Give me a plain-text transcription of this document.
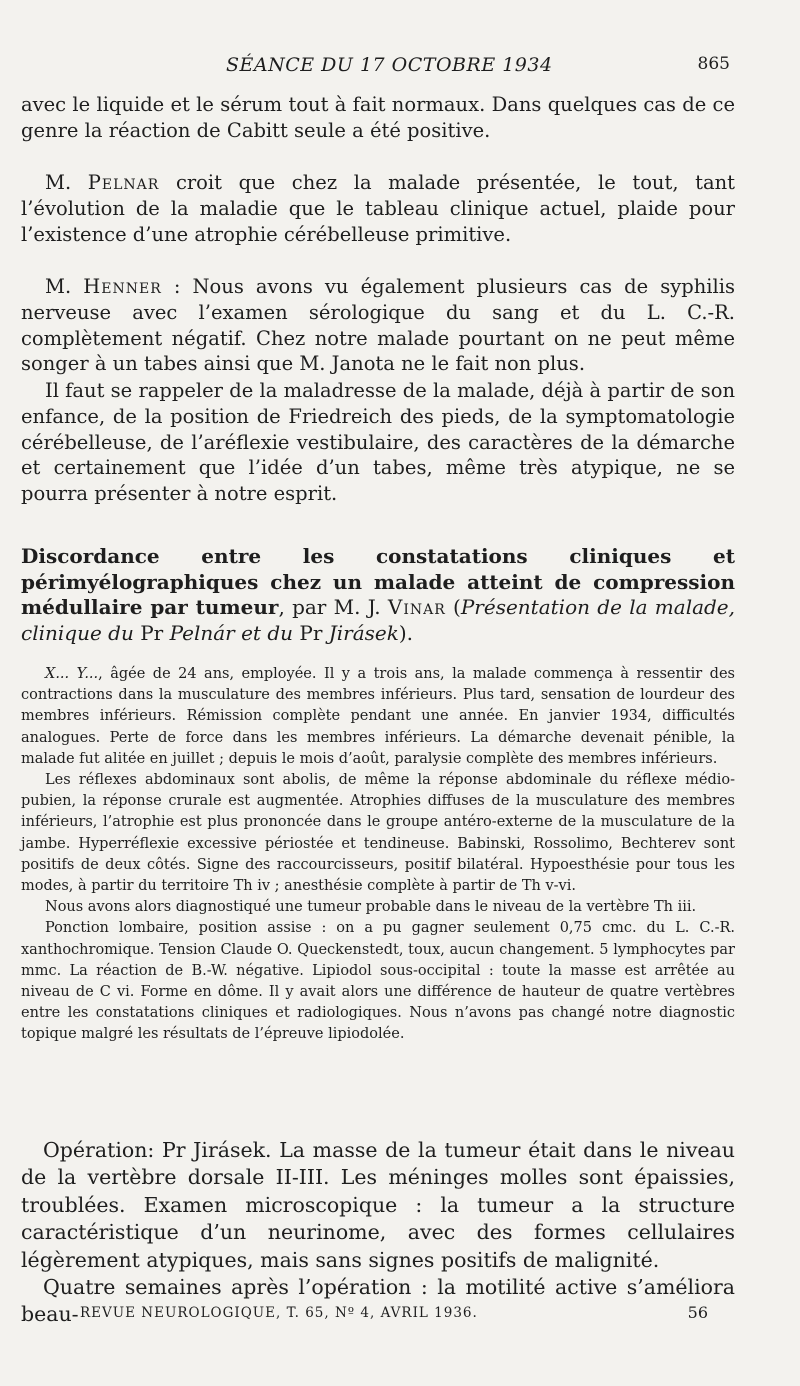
SÉANCE DU 17 OCTOBRE 1934	865

avec le liquide et le sérum tout à fait normaux. Dans quelques cas de ce genre la réaction de Cabitt seule a été positive.

M. Pelnar croit que chez la malade présentée, le tout, tant l’évolution de la maladie que le tableau clinique actuel, plaide pour l’existence d’une atrophie cérébelleuse primitive.

M. Henner : Nous avons vu également plusieurs cas de syphilis nerveuse avec l’examen sérologique du sang et du L. C.-R. complètement négatif. Chez notre malade pourtant on ne peut même songer à un tabes ainsi que M. Janota ne le fait non plus.

Il faut se rappeler de la maladresse de la malade, déjà à partir de son enfance, de la position de Friedreich des pieds, de la symptomatologie cérébelleuse, de l’aréflexie vestibulaire, des caractères de la démarche et certainement que l’idée d’un tabes, même très atypique, ne se pourra présenter à notre esprit.

Discordance entre les constatations cliniques et périmyélographiques chez un malade atteint de compression médullaire par tumeur, par M. J. Vinar (Présentation de la malade, clinique du Pr Pelnár et du Pr Jirásek).

X... Y..., âgée de 24 ans, employée. Il y a trois ans, la malade commença à ressentir des contractions dans la musculature des membres inférieurs. Plus tard, sensation de lourdeur des membres inférieurs. Rémission complète pendant une année. En janvier 1934, difficultés analogues. Perte de force dans les membres inférieurs. La démarche devenait pénible, la malade fut alitée en juillet ; depuis le mois d’août, paralysie complète des membres inférieurs.

Les réflexes abdominaux sont abolis, de même la réponse abdominale du réflexe médio-pubien, la réponse crurale est augmentée. Atrophies diffuses de la musculature des membres inférieurs, l’atrophie est plus prononcée dans le groupe antéro-externe de la musculature de la jambe. Hyperréflexie excessive périostée et tendineuse. Babinski, Rossolimo, Bechterev sont positifs de deux côtés. Signe des raccourcisseurs, positif bilatéral. Hypoesthésie pour tous les modes, à partir du territoire Th iv ; anesthésie complète à partir de Th v-vi.

Nous avons alors diagnostiqué une tumeur probable dans le niveau de la vertèbre Th iii.

Ponction lombaire, position assise : on a pu gagner seulement 0,75 cmc. du L. C.-R. xanthochromique. Tension Claude O. Queckenstedt, toux, aucun changement. 5 lymphocytes par mmc. La réaction de B.-W. négative. Lipiodol sous-occipital : toute la masse est arrêtée au niveau de C vi. Forme en dôme. Il y avait alors une différence de hauteur de quatre vertèbres entre les constatations cliniques et radiologiques. Nous n’avons pas changé notre diagnostic topique malgré les résultats de l’épreuve lipiodolée.

Opération: Pr Jirásek. La masse de la tumeur était dans le niveau de la vertèbre dorsale II-III. Les méninges molles sont épaissies, troublées. Examen microscopique : la tumeur a la structure caractéristique d’un neurinome, avec des formes cellulaires légèrement atypiques, mais sans signes positifs de malignité.

Quatre semaines après l’opération : la motilité active s’améliora beau- REVUE NEUROLOGIQUE, T. 65, Nº 4, AVRIL 1936.	56
